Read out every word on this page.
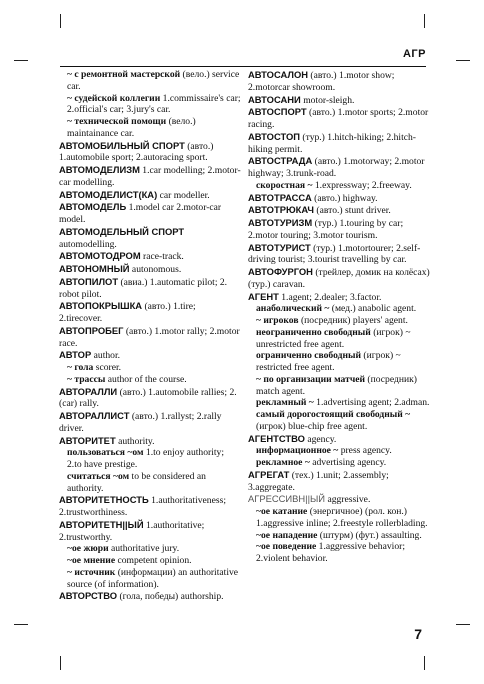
АГР

~ с ремонтной мастерской (вело.) service car.

~ судейской коллегии 1.commissaire's car; 2.official's car; 3.jury's car.

~ технической помощи (вело.) maintainance car.

АВТОМОБИЛЬНЫЙ СПОРТ (авто.) 1.automobile sport; 2.autoracing sport.

АВТОМОДЕЛИЗМ 1.car modelling; 2.motor-car modelling.

АВТОМОДЕЛИСТ(КА) car modeller.

АВТОМОДЕЛЬ 1.model car 2.motor-car model.

АВТОМОДЕЛЬНЫЙ СПОРТ automodelling.

АВТОМОТОДРОМ race-track.

АВТОНОМНЫЙ autonomous.

АВТОПИЛОТ (авиа.) 1.automatic pilot; 2. robot pilot.

АВТОПОКРЫШКА (авто.) 1.tire; 2.tirecover.

АВТОПРОБЕГ (авто.) 1.motor rally; 2.motor race.

АВТОР author.

~ гола scorer.

~ трассы author of the course.

АВТОРАЛЛИ (авто.) 1.automobile rallies; 2.(car) rally.

АВТОРАЛЛИСТ (авто.) 1.rallyst; 2.rally driver.

АВТОРИТЕТ authority.

пользоваться ~ом 1.to enjoy authority; 2.to have prestige.

считаться ~ом to be considered an authority.

АВТОРИТЕТНОСТЬ 1.authoritativeness; 2.trustworthiness.

АВТОРИТЕТН||ЫЙ 1.authoritative; 2.trustworthy.

~ое жюри authoritative jury.

~ое мнение competent opinion.

~ источник (информации) an authoritative source (of information).

АВТОРСТВО (гола, победы) authorship.

АВТОСАЛОН (авто.) 1.motor show; 2.motorcar showroom.

АВТОСАНИ motor-sleigh.

АВТОСПОРТ (авто.) 1.motor sports; 2.motor racing.

АВТОСТОП (тур.) 1.hitch-hiking; 2.hitch-hiking permit.

АВТОСТРАДА (авто.) 1.motorway; 2.motor highway; 3.trunk-road.

скоростная ~ 1.expressway; 2.freeway.

АВТОТРАССА (авто.) highway.

АВТОТРЮКАЧ (авто.) stunt driver.

АВТОТУРИЗМ (тур.) 1.touring by car; 2.motor touring; 3.motor tourism.

АВТОТУРИСТ (тур.) 1.motortourer; 2.self-driving tourist; 3.tourist travelling by car.

АВТОФУРГОН (трейлер, домик на колёсах) (тур.) caravan.

АГЕНТ 1.agent; 2.dealer; 3.factor.

анаболический ~ (мед.) anabolic agent.

~ игроков (посредник) players' agent.

неограниченно свободный (игрок) ~ unrestricted free agent.

ограниченно свободный (игрок) ~ restricted free agent.

~ по организации матчей (посредник) match agent.

рекламный ~ 1.advertising agent; 2.adman.

самый дорогостоящий свободный ~ (игрок) blue-chip free agent.

АГЕНТСТВО agency.

информационное ~ press agency.

рекламное ~ advertising agency.

АГРЕГАТ (тех.) 1.unit; 2.assembly; 3.aggregate.

АГРЕССИВН||ЫЙ aggressive.

~ое катание (энергичное) (рол. кон.) 1.aggressive inline; 2.freestyle rollerblading.

~ое нападение (штурм) (фут.) assaulting.

~ое поведение 1.aggressive behavior; 2.violent behavior.

7
